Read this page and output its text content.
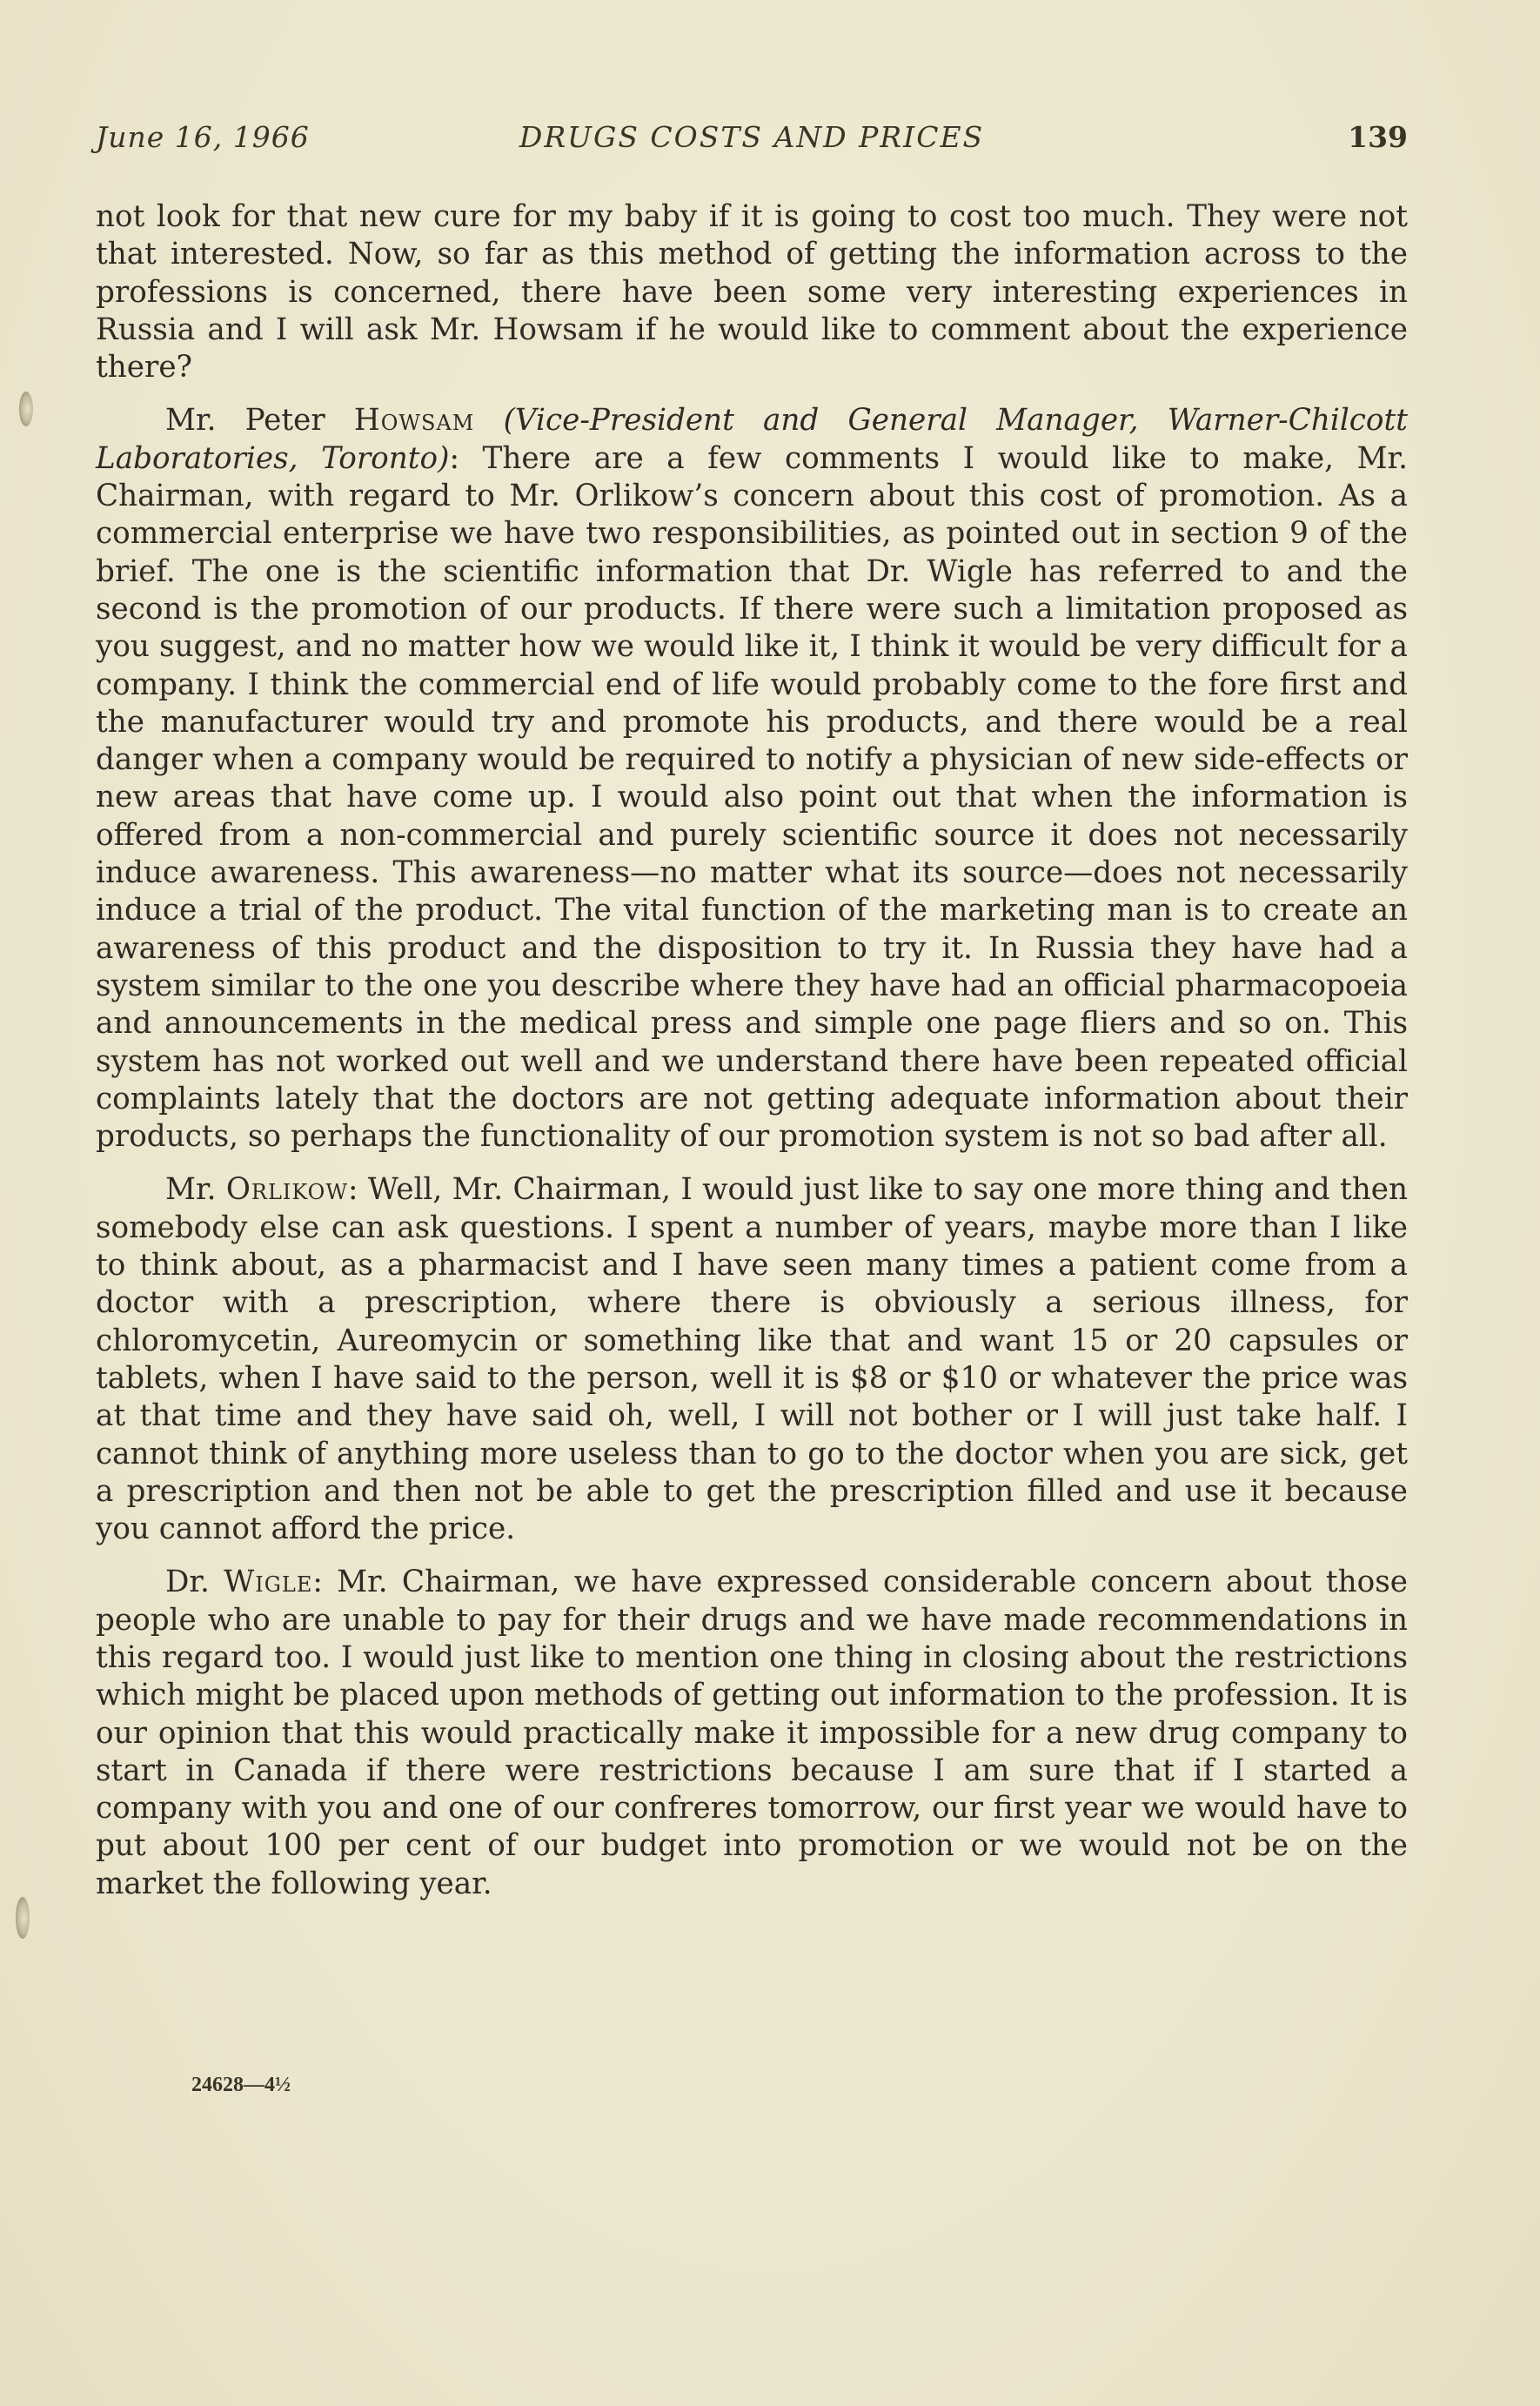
June 16, 1966	DRUGS COSTS AND PRICES	139

not look for that new cure for my baby if it is going to cost too much. They were not that interested. Now, so far as this method of getting the information across to the professions is concerned, there have been some very interesting experiences in Russia and I will ask Mr. Howsam if he would like to comment about the experience there?

Mr. Peter Howsam (Vice-President and General Manager, Warner-Chilcott Laboratories, Toronto): There are a few comments I would like to make, Mr. Chairman, with regard to Mr. Orlikow’s concern about this cost of promotion. As a commercial enterprise we have two responsibilities, as pointed out in section 9 of the brief. The one is the scientific information that Dr. Wigle has referred to and the second is the promotion of our products. If there were such a limitation proposed as you suggest, and no matter how we would like it, I think it would be very difficult for a company. I think the commercial end of life would probably come to the fore first and the manufacturer would try and promote his products, and there would be a real danger when a company would be required to notify a physician of new side-effects or new areas that have come up. I would also point out that when the information is offered from a non-commercial and purely scientific source it does not necessarily induce awareness. This awareness—no matter what its source—does not necessarily induce a trial of the product. The vital function of the marketing man is to create an awareness of this product and the disposition to try it. In Russia they have had a system similar to the one you describe where they have had an official pharmacopoeia and announcements in the medical press and simple one page fliers and so on. This system has not worked out well and we understand there have been repeated official complaints lately that the doctors are not getting adequate information about their products, so perhaps the functionality of our promotion system is not so bad after all.

Mr. Orlikow: Well, Mr. Chairman, I would just like to say one more thing and then somebody else can ask questions. I spent a number of years, maybe more than I like to think about, as a pharmacist and I have seen many times a patient come from a doctor with a prescription, where there is obviously a serious illness, for chloromycetin, Aureomycin or something like that and want 15 or 20 capsules or tablets, when I have said to the person, well it is $8 or $10 or whatever the price was at that time and they have said oh, well, I will not bother or I will just take half. I cannot think of anything more useless than to go to the doctor when you are sick, get a prescription and then not be able to get the prescription filled and use it because you cannot afford the price.

Dr. Wigle: Mr. Chairman, we have expressed considerable concern about those people who are unable to pay for their drugs and we have made recommendations in this regard too. I would just like to mention one thing in closing about the restrictions which might be placed upon methods of getting out information to the profession. It is our opinion that this would practically make it impossible for a new drug company to start in Canada if there were restrictions because I am sure that if I started a company with you and one of our confreres tomorrow, our first year we would have to put about 100 per cent of our budget into promotion or we would not be on the market the following year.

24628—4½
